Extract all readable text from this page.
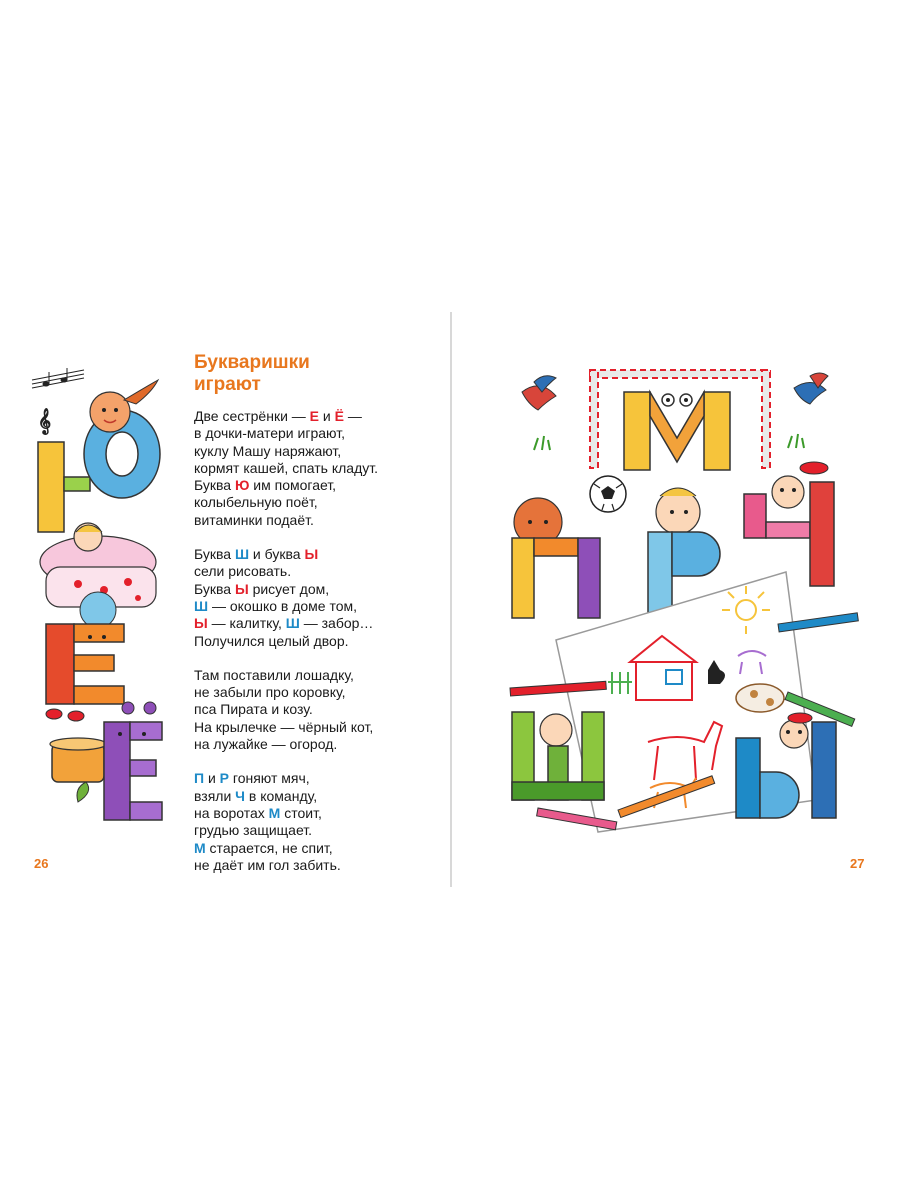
𝄞
Букваришки
играют
Две сестрёнки — Е и Ё —
в дочки-матери играют,
куклу Машу наряжают,
кормят кашей, спать кладут.
Буква Ю им помогает,
колыбельную поёт,
витаминки подаёт.
Буква Ш и буква Ы
сели рисовать.
Буква Ы рисует дом,
Ш — окошко в доме том,
Ы — калитку, Ш — забор…
Получился целый двор.
Там поставили лошадку,
не забыли про коровку,
пса Пирата и козу.
На крылечке — чёрный кот,
на лужайке — огород.
П и Р гоняют мяч,
взяли Ч в команду,
на воротах М стоит,
грудью защищает.
М старается, не спит,
не даёт им гол забить.
26	27
